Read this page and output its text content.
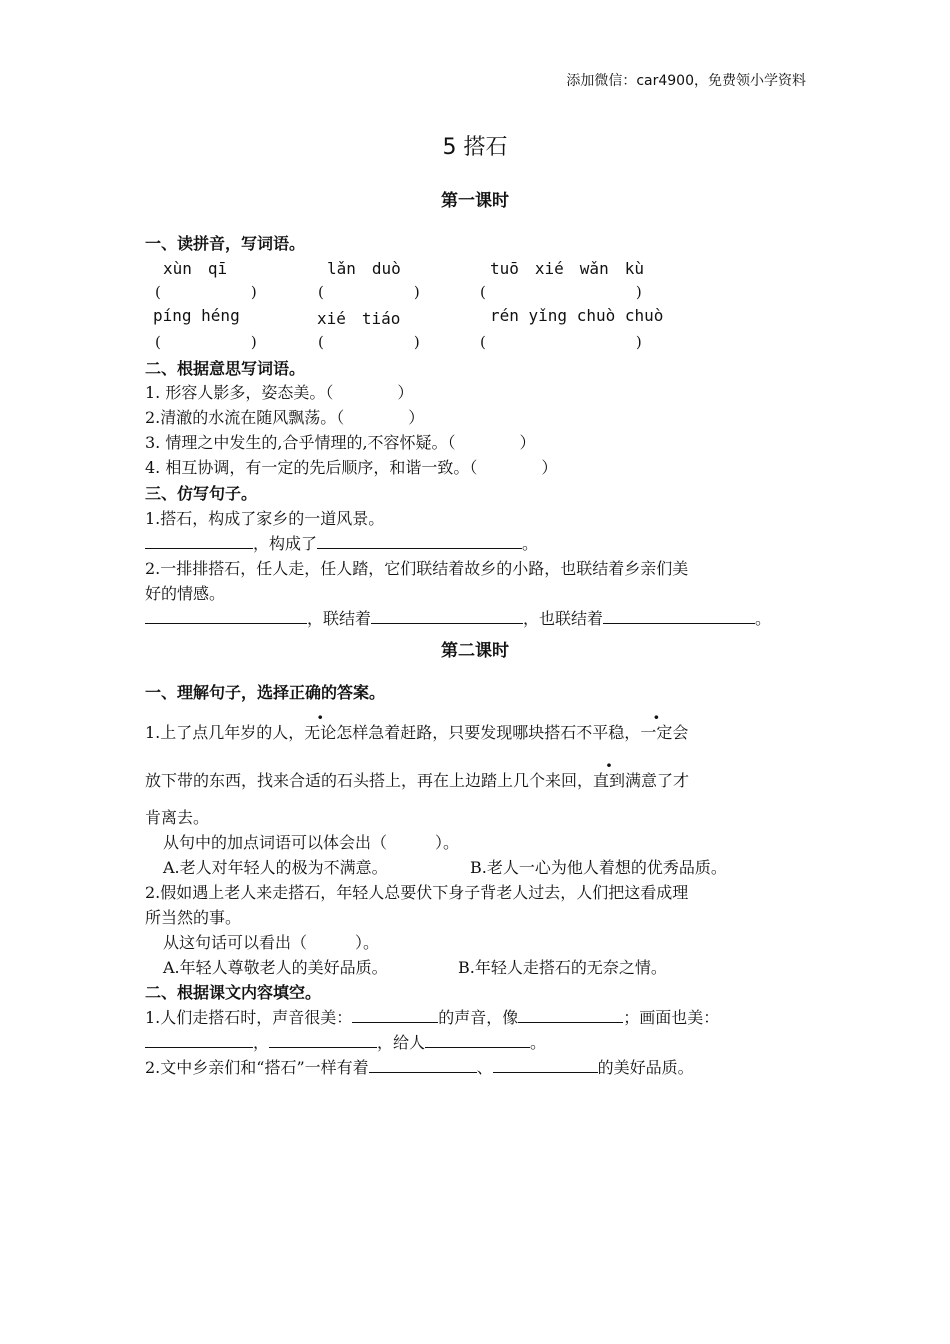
添加微信：car4900，免费领小学资料
5 搭石
第一课时
一、读拼音，写词语。
xùn　qī	lǎn　duò	tuō　xié　wǎn　kù
(　　　　　　)	(　　　　　　)	(　　　　　　　　　　)
píng héng	xié　tiáo	rén yǐng chuò chuò
(　　　　　　)	(　　　　　　)	(　　　　　　　　　　)
二、根据意思写词语。
1. 形容人影多，姿态美。（　　　　）
2.清澈的水流在随风飘荡。（　　　　）
3. 情理之中发生的,合乎情理的,不容怀疑。（　　　　）
4. 相互协调，有一定的先后顺序，和谐一致。（　　　　）
三、仿写句子。
1.搭石，构成了家乡的一道风景。
，构成了	。
2.一排排搭石，任人走，任人踏，它们联结着故乡的小路，也联结着乡亲们美
好的情感。
，联结着	，也联结着	。
第二课时
一、理解句子，选择正确的答案。
1.上了点几年岁的人，无论怎样急着赶路，只要发现哪块搭石不平稳，一定会
放下带的东西，找来合适的石头搭上，再在上边踏上几个来回，直到满意了才
肯离去。
从句中的加点词语可以体会出（　　　）。
A.老人对年轻人的极为不满意。	B.老人一心为他人着想的优秀品质。
2.假如遇上老人来走搭石，年轻人总要伏下身子背老人过去，人们把这看成理
所当然的事。
从这句话可以看出（　　　）。
A.年轻人尊敬老人的美好品质。	B.年轻人走搭石的无奈之情。
二、根据课文内容填空。
1.人们走搭石时，声音很美：	的声音，像	；画面也美：
，	，给人	。
2.文中乡亲们和“搭石”一样有着	、	的美好品质。
